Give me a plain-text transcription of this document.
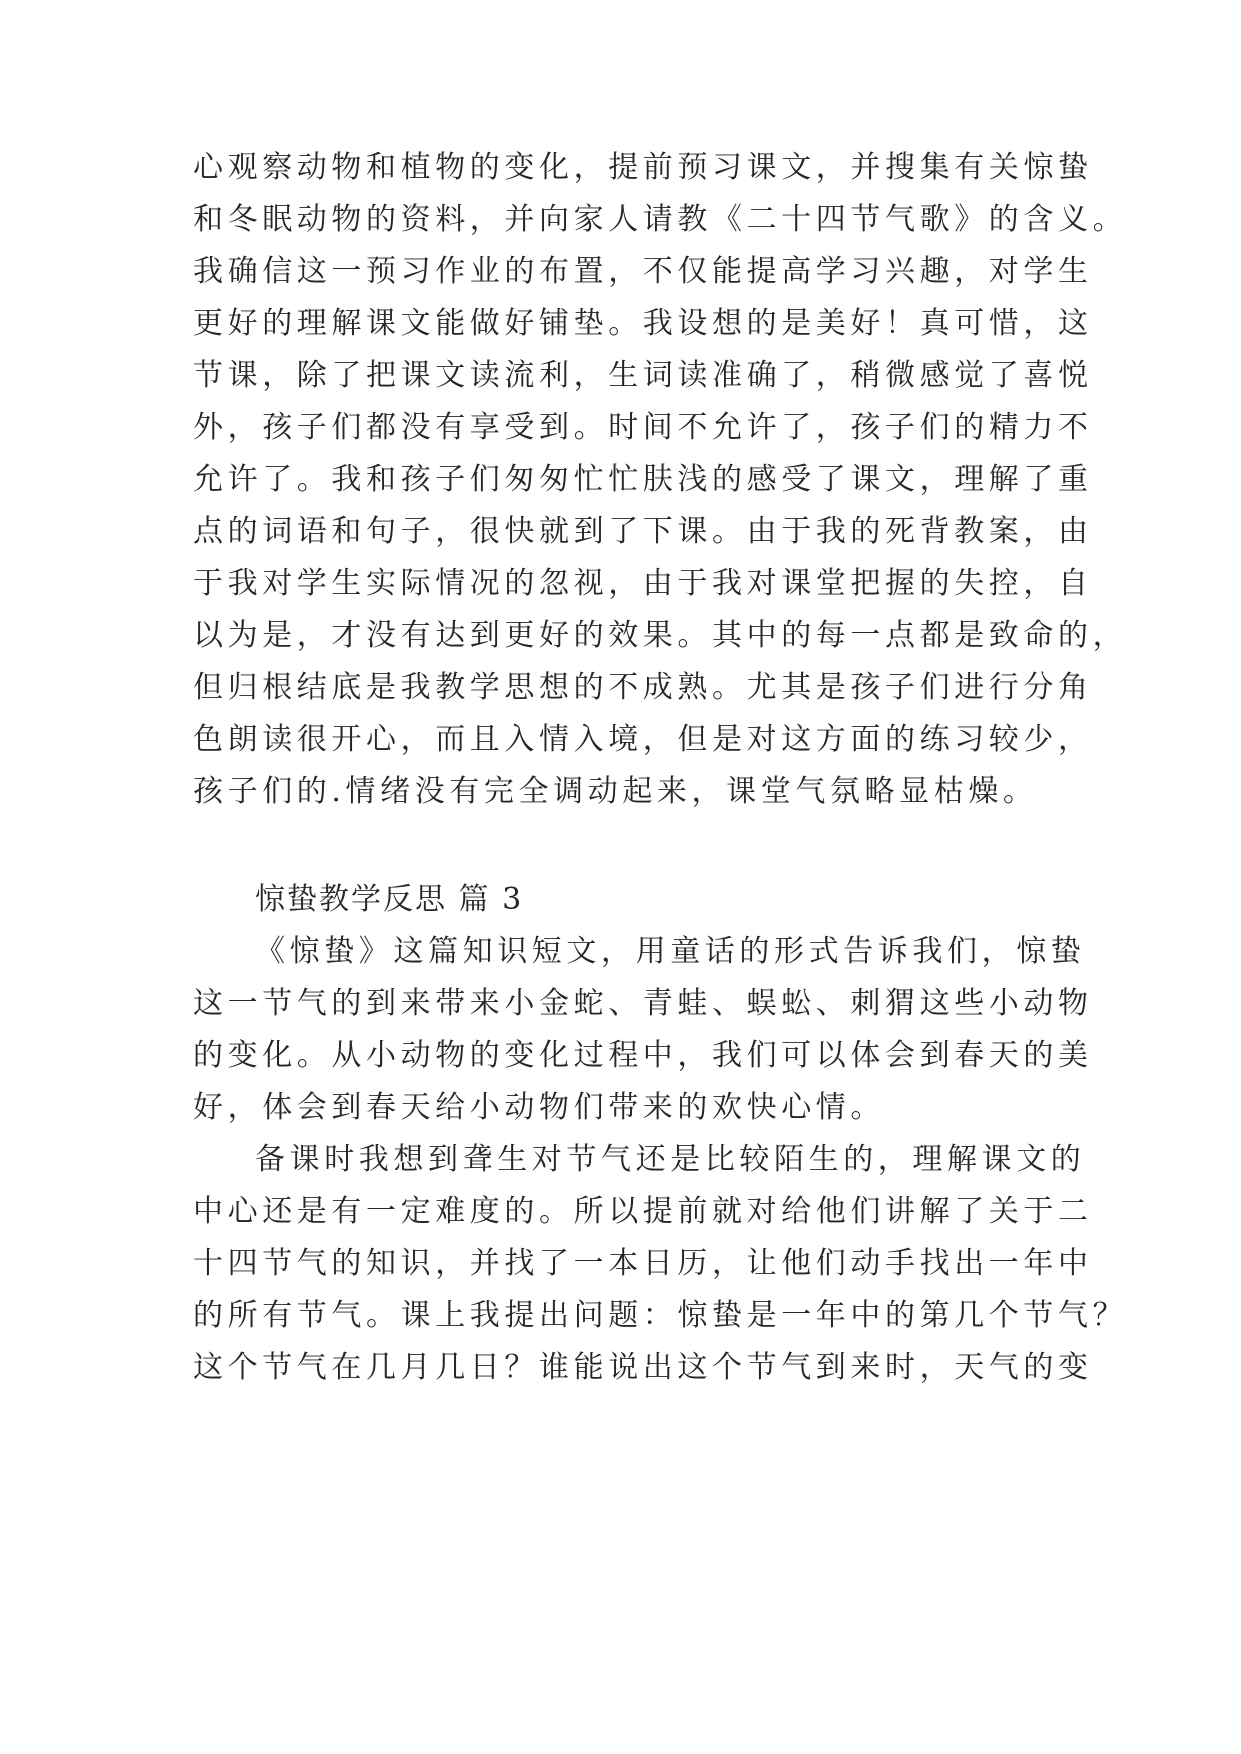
心观察动物和植物的变化，提前预习课文，并搜集有关惊蛰
和冬眠动物的资料，并向家人请教《二十四节气歌》的含义。
我确信这一预习作业的布置，不仅能提高学习兴趣，对学生
更好的理解课文能做好铺垫。我设想的是美好！真可惜，这
节课，除了把课文读流利，生词读准确了，稍微感觉了喜悦
外，孩子们都没有享受到。时间不允许了，孩子们的精力不
允许了。我和孩子们匆匆忙忙肤浅的感受了课文，理解了重
点的词语和句子，很快就到了下课。由于我的死背教案，由
于我对学生实际情况的忽视，由于我对课堂把握的失控，自
以为是，才没有达到更好的效果。其中的每一点都是致命的，
但归根结底是我教学思想的不成熟。尤其是孩子们进行分角
色朗读很开心，而且入情入境，但是对这方面的练习较少，
孩子们的.情绪没有完全调动起来，课堂气氛略显枯燥。
惊蛰教学反思 篇 3
《惊蛰》这篇知识短文，用童话的形式告诉我们，惊蛰
这一节气的到来带来小金蛇、青蛙、蜈蚣、刺猬这些小动物
的变化。从小动物的变化过程中，我们可以体会到春天的美
好，体会到春天给小动物们带来的欢快心情。
备课时我想到聋生对节气还是比较陌生的，理解课文的
中心还是有一定难度的。所以提前就对给他们讲解了关于二
十四节气的知识，并找了一本日历，让他们动手找出一年中
的所有节气。课上我提出问题：惊蛰是一年中的第几个节气？
这个节气在几月几日？谁能说出这个节气到来时，天气的变
